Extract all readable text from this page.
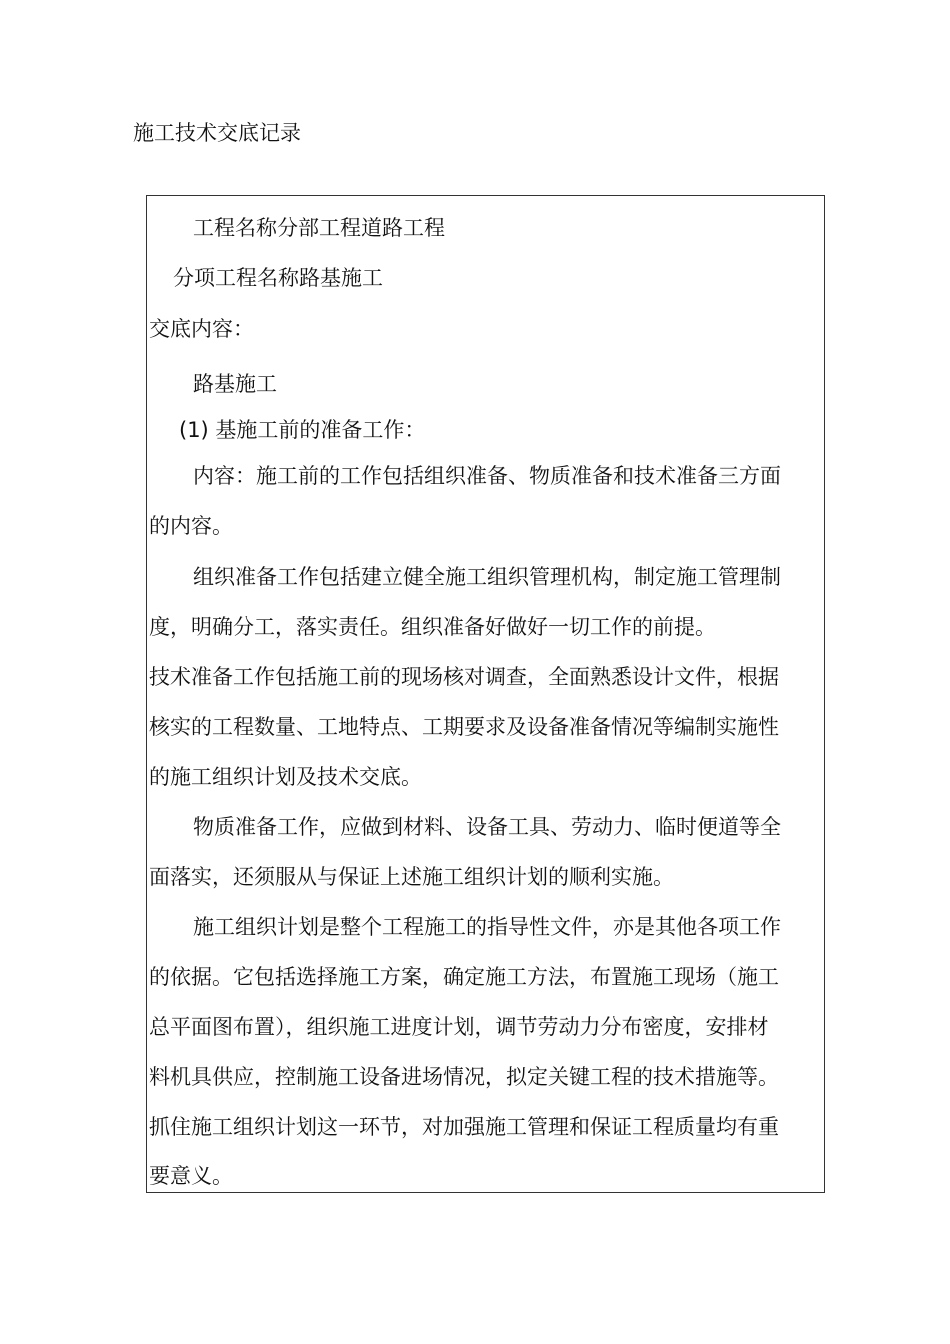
施工技术交底记录
工程名称分部工程道路工程
分项工程名称路基施工
交底内容：
路基施工
(1) 基施工前的准备工作：
内容：施工前的工作包括组织准备、物质准备和技术准备三方面
的内容。
组织准备工作包括建立健全施工组织管理机构，制定施工管理制
度，明确分工，落实责任。组织准备好做好一切工作的前提。
技术准备工作包括施工前的现场核对调查，全面熟悉设计文件，根据
核实的工程数量、工地特点、工期要求及设备准备情况等编制实施性
的施工组织计划及技术交底。
物质准备工作，应做到材料、设备工具、劳动力、临时便道等全
面落实，还须服从与保证上述施工组织计划的顺利实施。
施工组织计划是整个工程施工的指导性文件，亦是其他各项工作
的依据。它包括选择施工方案，确定施工方法，布置施工现场（施工
总平面图布置），组织施工进度计划，调节劳动力分布密度，安排材
料机具供应，控制施工设备进场情况，拟定关键工程的技术措施等。
抓住施工组织计划这一环节，对加强施工管理和保证工程质量均有重
要意义。
